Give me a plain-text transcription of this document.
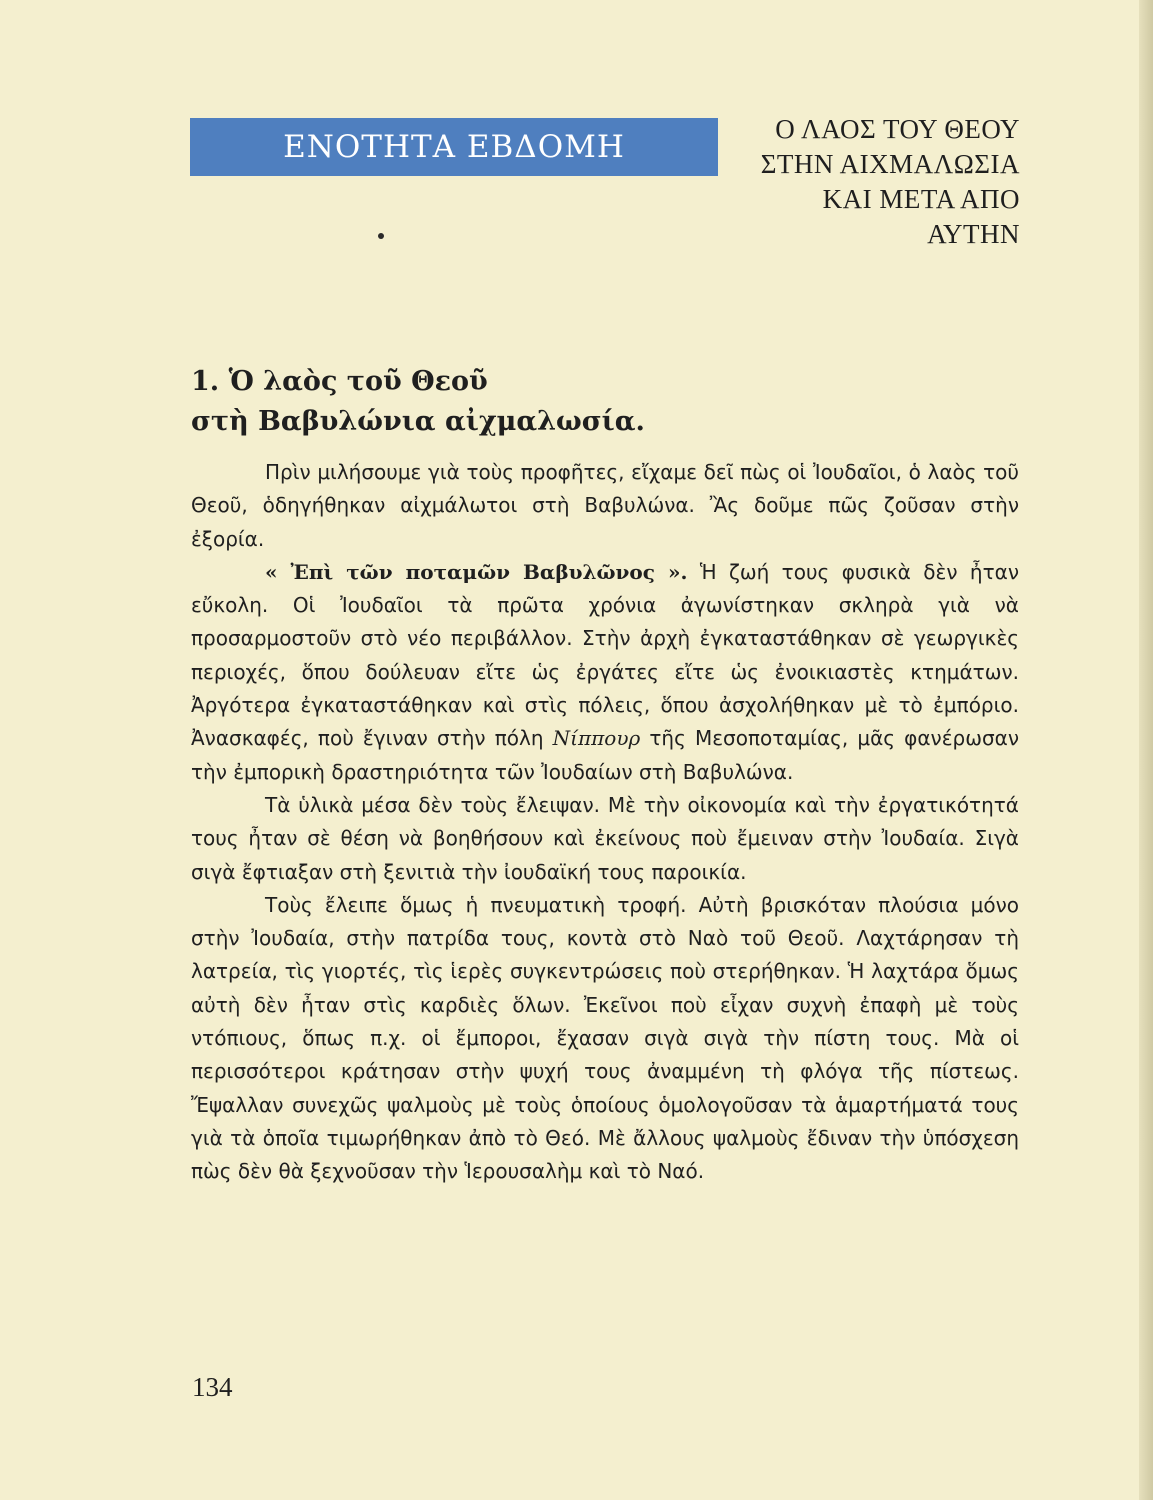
ΕΝΟΤΗΤΑ ΕΒΔΟΜΗ	Ο ΛΑΟΣ ΤΟΥ ΘΕΟΥ
ΣΤΗΝ ΑΙΧΜΑΛΩΣΙΑ
ΚΑΙ ΜΕΤΑ ΑΠΟ
ΑΥΤΗΝ
1. Ὁ λαὸς τοῦ Θεοῦ
στὴ Βαβυλώνια αἰχμαλωσία.

Πρὶν μιλήσουμε γιὰ τοὺς προφῆτες, εἴχαμε δεῖ πὼς οἱ Ἰουδαῖοι, ὁ λαὸς τοῦ Θεοῦ, ὁδηγήθηκαν αἰχμάλωτοι στὴ Βαβυλώνα. Ἂς δοῦμε πῶς ζοῦσαν στὴν ἐξορία.

« Ἐπὶ τῶν ποταμῶν Βαβυλῶνος ». Ἡ ζωή τους φυσικὰ δὲν ἦταν εὔκολη. Οἱ Ἰουδαῖοι τὰ πρῶτα χρόνια ἀγωνίστηκαν σκληρὰ γιὰ νὰ προσαρμοστοῦν στὸ νέο περιβάλλον. Στὴν ἀρχὴ ἐγκαταστάθηκαν σὲ γεωργικὲς περιοχές, ὅπου δούλευαν εἴτε ὡς ἐργάτες εἴτε ὡς ἐνοικιαστὲς κτημάτων. Ἀργότερα ἐγκαταστάθηκαν καὶ στὶς πόλεις, ὅπου ἀσχολήθηκαν μὲ τὸ ἐμπόριο. Ἀνασκαφές, ποὺ ἔγιναν στὴν πόλη Νίππουρ τῆς Μεσοποταμίας, μᾶς φανέρωσαν τὴν ἐμπορικὴ δραστηριότητα τῶν Ἰουδαίων στὴ Βαβυλώνα.

Τὰ ὑλικὰ μέσα δὲν τοὺς ἔλειψαν. Μὲ τὴν οἰκονομία καὶ τὴν ἐργατικότητά τους ἦταν σὲ θέση νὰ βοηθήσουν καὶ ἐκείνους ποὺ ἔμειναν στὴν Ἰουδαία. Σιγὰ σιγὰ ἔφτιαξαν στὴ ξενιτιὰ τὴν ἰουδαϊκή τους παροικία.

Τοὺς ἔλειπε ὅμως ἡ πνευματικὴ τροφή. Αὐτὴ βρισκόταν πλούσια μόνο στὴν Ἰουδαία, στὴν πατρίδα τους, κοντὰ στὸ Ναὸ τοῦ Θεοῦ. Λαχτάρησαν τὴ λατρεία, τὶς γιορτές, τὶς ἱερὲς συγκεντρώσεις ποὺ στερήθηκαν. Ἡ λαχτάρα ὅμως αὐτὴ δὲν ἦταν στὶς καρδιὲς ὅλων. Ἐκεῖνοι ποὺ εἶχαν συχνὴ ἐπαφὴ μὲ τοὺς ντόπιους, ὅπως π.χ. οἱ ἔμποροι, ἔχασαν σιγὰ σιγὰ τὴν πίστη τους. Μὰ οἱ περισσότεροι κράτησαν στὴν ψυχή τους ἀναμμένη τὴ φλόγα τῆς πίστεως. Ἔψαλλαν συνεχῶς ψαλμοὺς μὲ τοὺς ὁποίους ὁμολογοῦσαν τὰ ἁμαρτήματά τους γιὰ τὰ ὁποῖα τιμωρήθηκαν ἀπὸ τὸ Θεό. Μὲ ἄλλους ψαλμοὺς ἔδιναν τὴν ὑπόσχεση πὼς δὲν θὰ ξεχνοῦσαν τὴν Ἱερουσαλὴμ καὶ τὸ Ναό.

134
